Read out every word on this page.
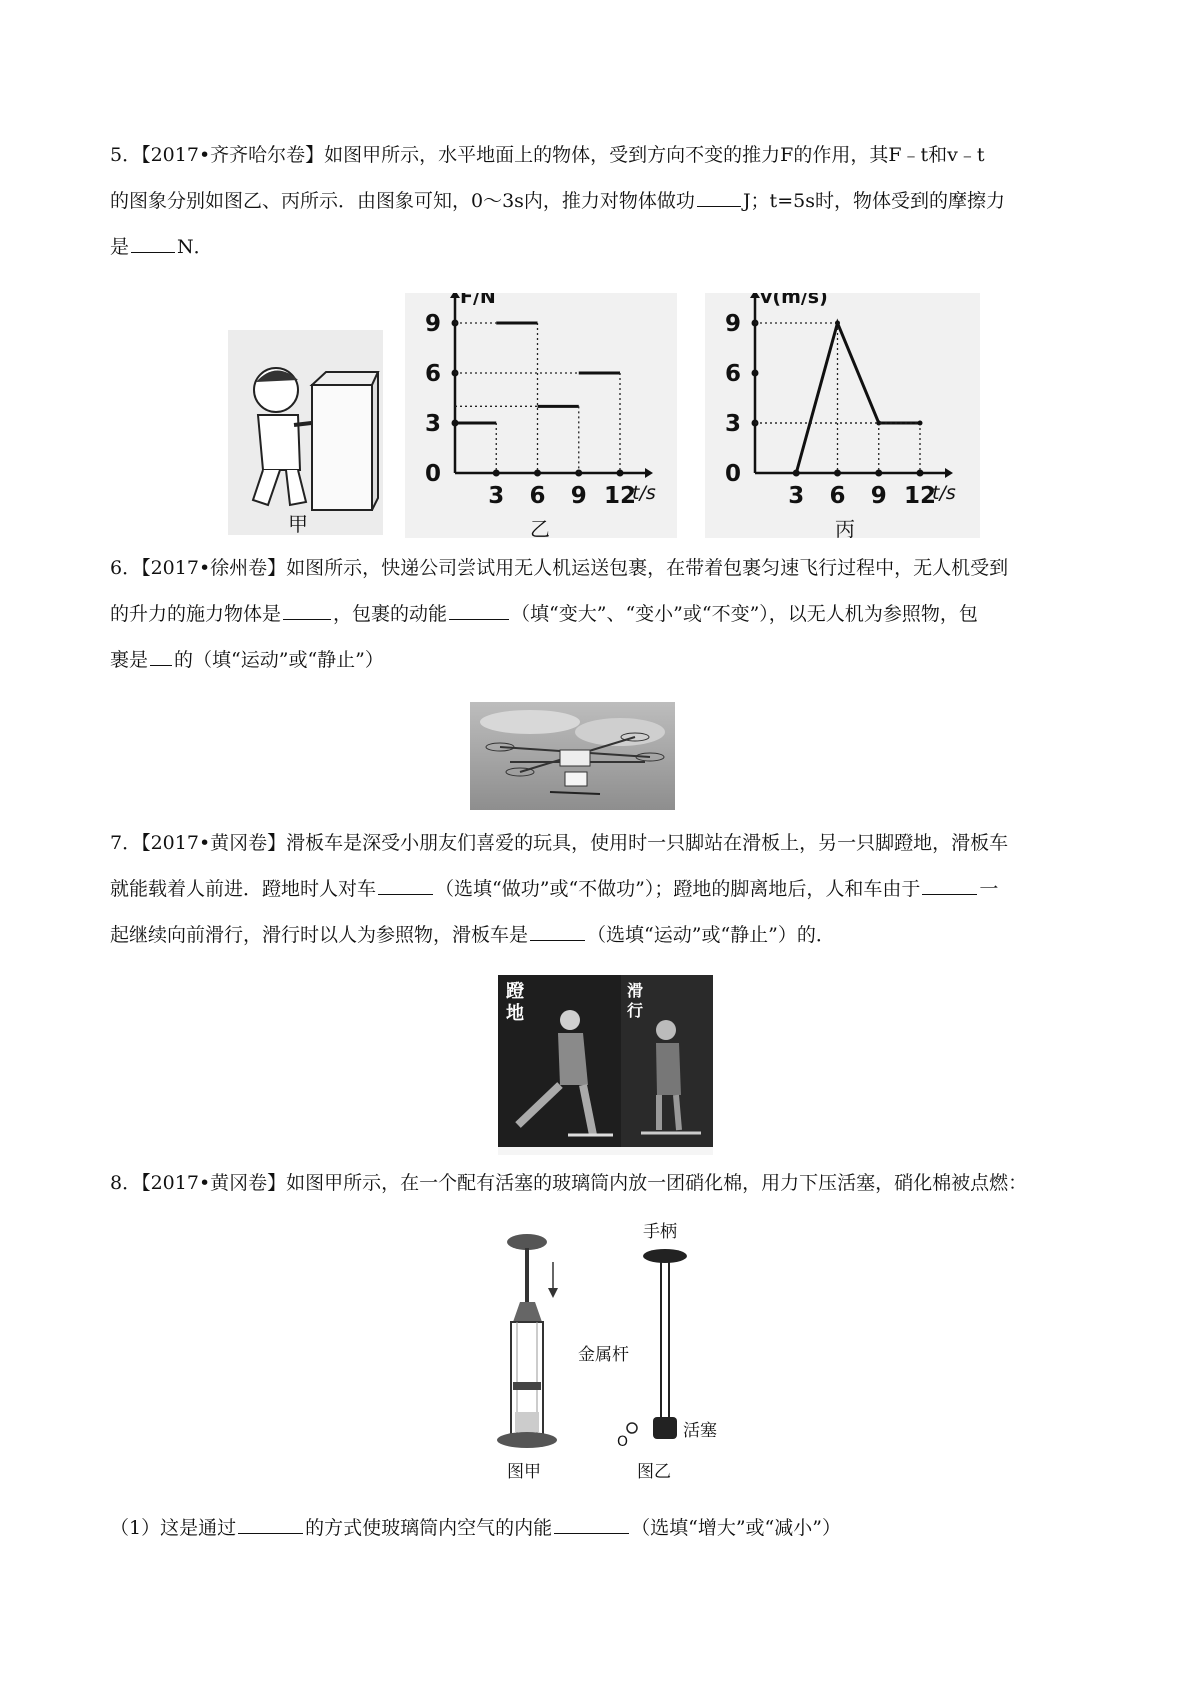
5．【2017•齐齐哈尔卷】如图甲所示，水平地面上的物体，受到方向不变的推力F的作用，其F﹣t和v﹣t
的图象分别如图乙、丙所示．由图象可知，0～3s内，推力对物体做功	J；t=5s时，物体受到的摩擦力
是	N．
甲
F/N
t/s
0
3
6
9
3 6 9 12
乙
v(m/s)
t/s
0
3
6
9
3 6 9 12
丙
6．【2017•徐州卷】如图所示，快递公司尝试用无人机运送包裹，在带着包裹匀速飞行过程中，无人机受到
的升力的施力物体是	，包裹的动能	（填“变大”、“变小”或“不变”），以无人机为参照物，包
裹是 的（填“运动”或“静止”）
7．【2017•黄冈卷】滑板车是深受小朋友们喜爱的玩具，使用时一只脚站在滑板上，另一只脚蹬地，滑板车
就能载着人前进．蹬地时人对车	（选填“做功”或“不做功”）；蹬地的脚离地后，人和车由于	一
起继续向前滑行，滑行时以人为参照物，滑板车是	（选填“运动”或“静止”）的．
蹬地
滑行
8．【2017•黄冈卷】如图甲所示，在一个配有活塞的玻璃筒内放一团硝化棉，用力下压活塞，硝化棉被点燃：
手柄
金属杆
O
活塞
图甲	图乙
（1）这是通过	的方式使玻璃筒内空气的内能	（选填“增大”或“减小”）
